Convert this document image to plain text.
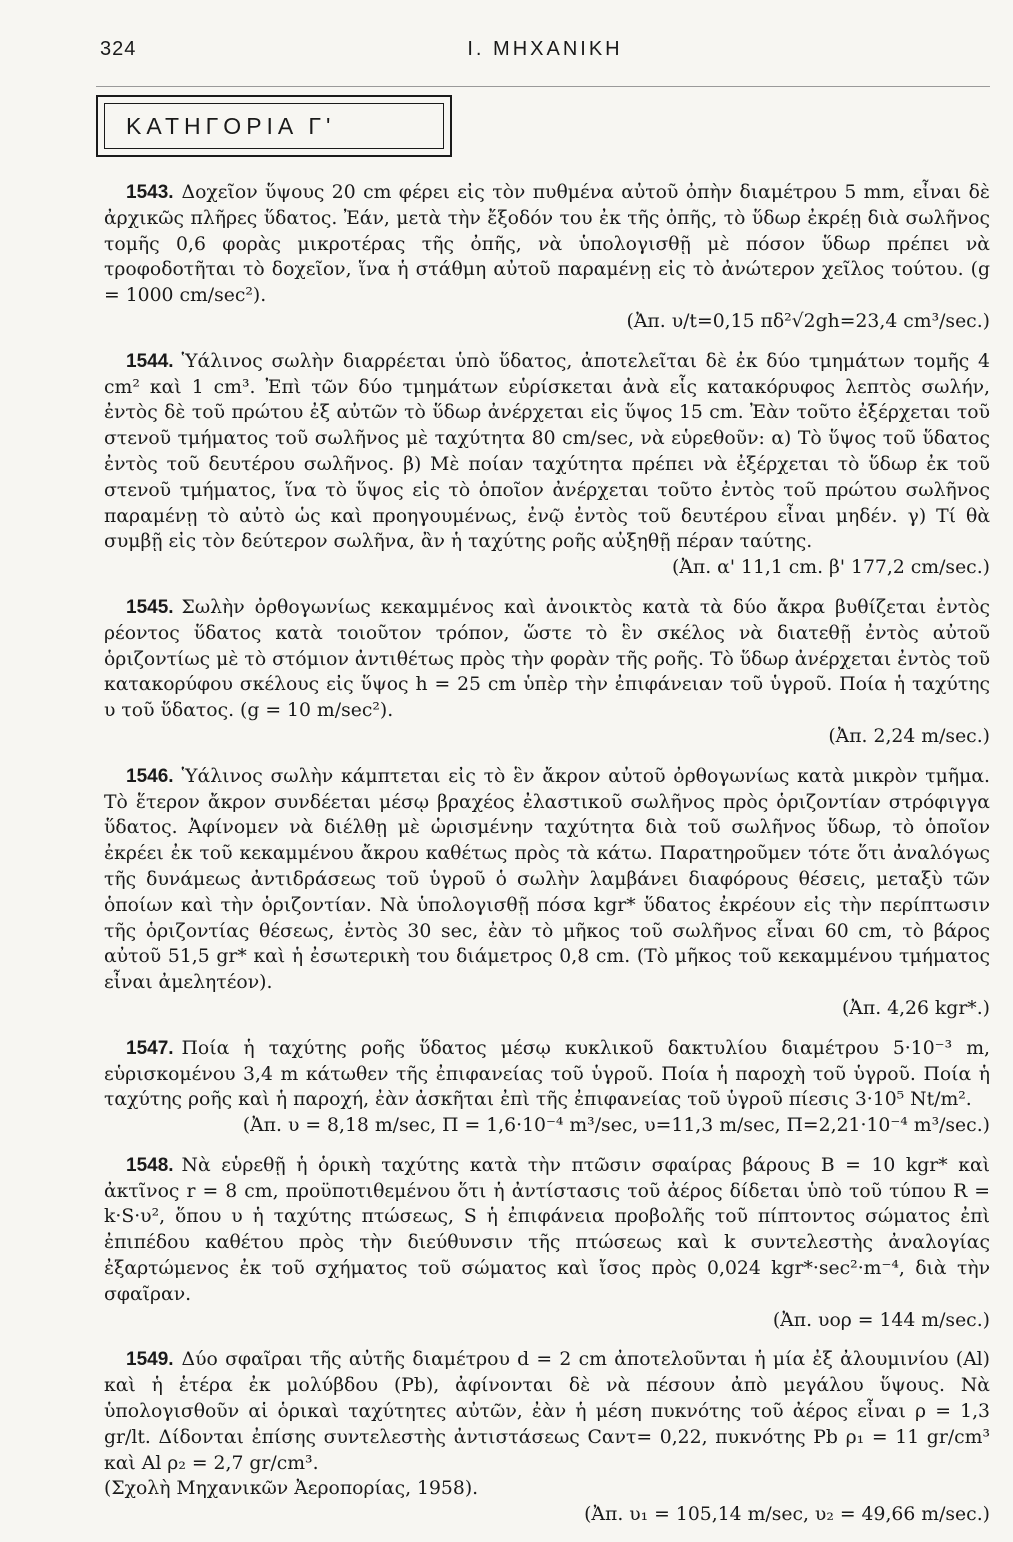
324	Ι. ΜΗΧΑΝΙΚΗ
ΚΑΤΗΓΟΡΙΑ Γ'

1543. Δοχεῖον ὕψους 20 cm φέρει εἰς τὸν πυθμένα αὐτοῦ ὀπὴν διαμέτρου 5 mm, εἶναι δὲ ἀρχικῶς πλῆρες ὕδατος. Ἐάν, μετὰ τὴν ἔξοδόν του ἐκ τῆς ὀπῆς, τὸ ὕδωρ ἐκρέῃ διὰ σωλῆνος τομῆς 0,6 φορὰς μικροτέρας τῆς ὀπῆς, νὰ ὑπολογισθῇ μὲ πόσον ὕδωρ πρέπει νὰ τροφοδοτῆται τὸ δοχεῖον, ἵνα ἡ στάθμη αὐτοῦ παραμένῃ εἰς τὸ ἀνώτερον χεῖλος τούτου. (g = 1000 cm/sec²).
(Ἀπ. υ/t=0,15 πδ²√2gh=23,4 cm³/sec.)

1544. Ὑάλινος σωλὴν διαρρέεται ὑπὸ ὕδατος, ἀποτελεῖται δὲ ἐκ δύο τμημάτων τομῆς 4 cm² καὶ 1 cm³. Ἐπὶ τῶν δύο τμημάτων εὑρίσκεται ἀνὰ εἷς κατακόρυφος λεπτὸς σωλήν, ἐντὸς δὲ τοῦ πρώτου ἐξ αὐτῶν τὸ ὕδωρ ἀνέρχεται εἰς ὕψος 15 cm. Ἐὰν τοῦτο ἐξέρχεται τοῦ στενοῦ τμήματος τοῦ σωλῆνος μὲ ταχύτητα 80 cm/sec, νὰ εὑρεθοῦν: α) Τὸ ὕψος τοῦ ὕδατος ἐντὸς τοῦ δευτέρου σωλῆνος. β) Μὲ ποίαν ταχύτητα πρέπει νὰ ἐξέρχεται τὸ ὕδωρ ἐκ τοῦ στενοῦ τμήματος, ἵνα τὸ ὕψος εἰς τὸ ὁποῖον ἀνέρχεται τοῦτο ἐντὸς τοῦ πρώτου σωλῆνος παραμένῃ τὸ αὐτὸ ὡς καὶ προηγουμένως, ἐνῷ ἐντὸς τοῦ δευτέρου εἶναι μηδέν. γ) Τί θὰ συμβῇ εἰς τὸν δεύτερον σωλῆνα, ἂν ἡ ταχύτης ροῆς αὐξηθῇ πέραν ταύτης.
(Ἀπ. α' 11,1 cm. β' 177,2 cm/sec.)

1545. Σωλὴν ὀρθογωνίως κεκαμμένος καὶ ἀνοικτὸς κατὰ τὰ δύο ἄκρα βυθίζεται ἐντὸς ρέοντος ὕδατος κατὰ τοιοῦτον τρόπον, ὥστε τὸ ἓν σκέλος νὰ διατεθῇ ἐντὸς αὐτοῦ ὁριζοντίως μὲ τὸ στόμιον ἀντιθέτως πρὸς τὴν φορὰν τῆς ροῆς. Τὸ ὕδωρ ἀνέρχεται ἐντὸς τοῦ κατακορύφου σκέλους εἰς ὕψος h = 25 cm ὑπὲρ τὴν ἐπιφάνειαν τοῦ ὑγροῦ. Ποία ἡ ταχύτης υ τοῦ ὕδατος. (g = 10 m/sec²).
(Ἀπ. 2,24 m/sec.)

1546. Ὑάλινος σωλὴν κάμπτεται εἰς τὸ ἓν ἄκρον αὐτοῦ ὀρθογωνίως κατὰ μικρὸν τμῆμα. Τὸ ἕτερον ἄκρον συνδέεται μέσῳ βραχέος ἐλαστικοῦ σωλῆνος πρὸς ὁριζοντίαν στρόφιγγα ὕδατος. Ἀφίνομεν νὰ διέλθῃ μὲ ὡρισμένην ταχύτητα διὰ τοῦ σωλῆνος ὕδωρ, τὸ ὁποῖον ἐκρέει ἐκ τοῦ κεκαμμένου ἄκρου καθέτως πρὸς τὰ κάτω. Παρατηροῦμεν τότε ὅτι ἀναλόγως τῆς δυνάμεως ἀντιδράσεως τοῦ ὑγροῦ ὁ σωλὴν λαμβάνει διαφόρους θέσεις, μεταξὺ τῶν ὁποίων καὶ τὴν ὁριζοντίαν. Νὰ ὑπολογισθῇ πόσα kgr* ὕδατος ἐκρέουν εἰς τὴν περίπτωσιν τῆς ὁριζοντίας θέσεως, ἐντὸς 30 sec, ἐὰν τὸ μῆκος τοῦ σωλῆνος εἶναι 60 cm, τὸ βάρος αὐτοῦ 51,5 gr* καὶ ἡ ἐσωτερικὴ του διάμετρος 0,8 cm. (Τὸ μῆκος τοῦ κεκαμμένου τμήματος εἶναι ἀμελητέον).
(Ἀπ. 4,26 kgr*.)

1547. Ποία ἡ ταχύτης ροῆς ὕδατος μέσῳ κυκλικοῦ δακτυλίου διαμέτρου 5·10⁻³ m, εὑρισκομένου 3,4 m κάτωθεν τῆς ἐπιφανείας τοῦ ὑγροῦ. Ποία ἡ παροχὴ τοῦ ὑγροῦ. Ποία ἡ ταχύτης ροῆς καὶ ἡ παροχή, ἐὰν ἀσκῆται ἐπὶ τῆς ἐπιφανείας τοῦ ὑγροῦ πίεσις 3·10⁵ Nt/m².
(Ἀπ. υ = 8,18 m/sec, Π = 1,6·10⁻⁴ m³/sec, υ=11,3 m/sec, Π=2,21·10⁻⁴ m³/sec.)

1548. Νὰ εὑρεθῇ ἡ ὁρικὴ ταχύτης κατὰ τὴν πτῶσιν σφαίρας βάρους B = 10 kgr* καὶ ἀκτῖνος r = 8 cm, προϋποτιθεμένου ὅτι ἡ ἀντίστασις τοῦ ἀέρος δίδεται ὑπὸ τοῦ τύπου R = k·S·υ², ὅπου υ ἡ ταχύτης πτώσεως, S ἡ ἐπιφάνεια προβολῆς τοῦ πίπτοντος σώματος ἐπὶ ἐπιπέδου καθέτου πρὸς τὴν διεύθυνσιν τῆς πτώσεως καὶ k συντελεστὴς ἀναλογίας ἐξαρτώμενος ἐκ τοῦ σχήματος τοῦ σώματος καὶ ἴσος πρὸς 0,024 kgr*·sec²·m⁻⁴, διὰ τὴν σφαῖραν.
(Ἀπ. υορ = 144 m/sec.)

1549. Δύο σφαῖραι τῆς αὐτῆς διαμέτρου d = 2 cm ἀποτελοῦνται ἡ μία ἐξ ἀλουμινίου (Al) καὶ ἡ ἑτέρα ἐκ μολύβδου (Pb), ἀφίνονται δὲ νὰ πέσουν ἀπὸ μεγάλου ὕψους. Νὰ ὑπολογισθοῦν αἱ ὁρικαὶ ταχύτητες αὐτῶν, ἐὰν ἡ μέση πυκνότης τοῦ ἀέρος εἶναι ρ = 1,3 gr/lt. Δίδονται ἐπίσης συντελεστὴς ἀντιστάσεως Cαντ= 0,22, πυκνότης Pb ρ₁ = 11 gr/cm³ καὶ Al ρ₂ = 2,7 gr/cm³.
(Σχολὴ Μηχανικῶν Ἀεροπορίας, 1958).
(Ἀπ. υ₁ = 105,14 m/sec, υ₂ = 49,66 m/sec.)
